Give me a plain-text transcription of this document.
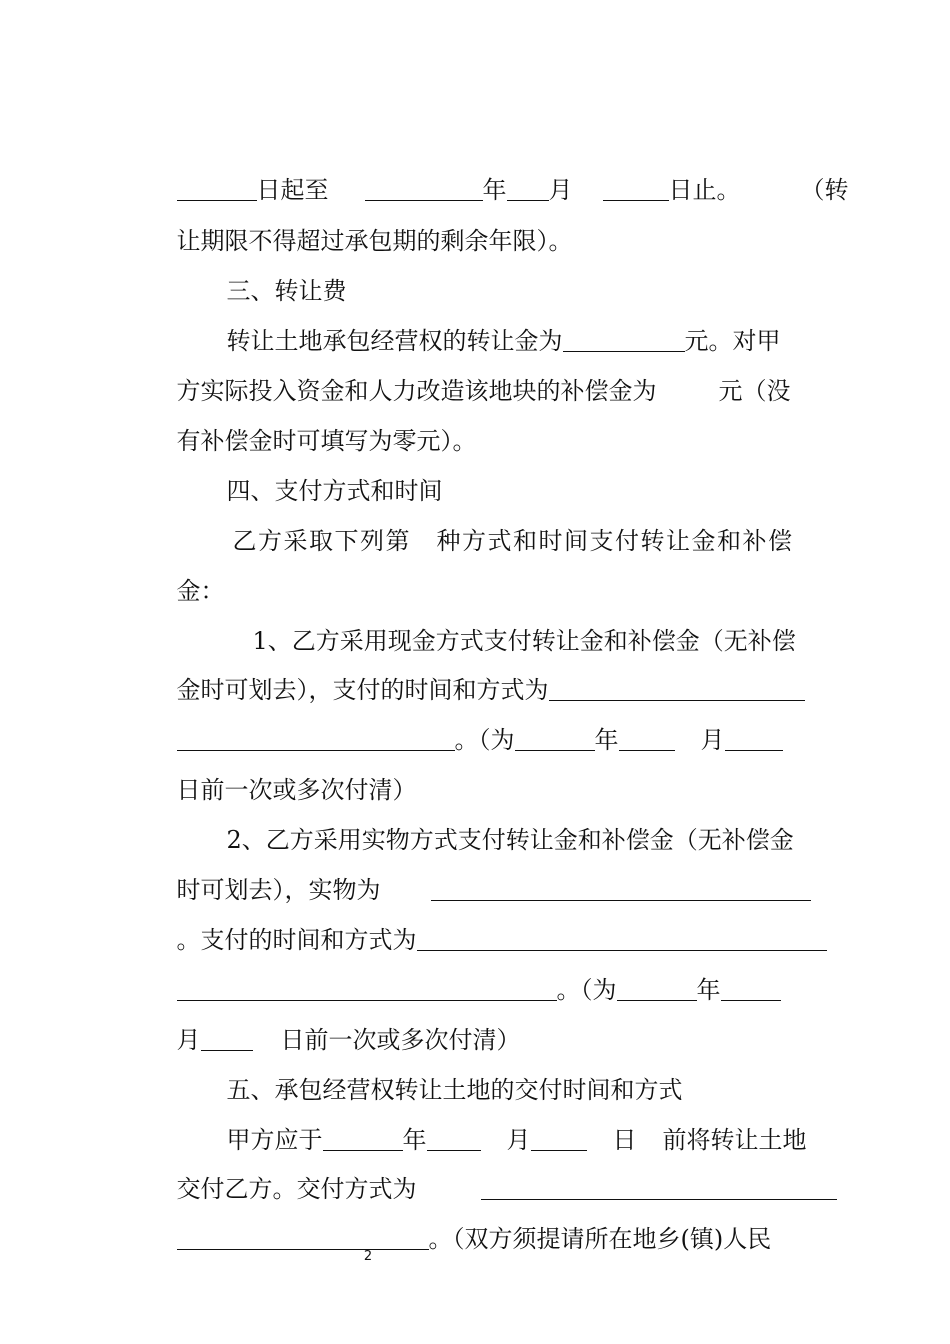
日起至	年 月	日止。	（转

让期限不得超过承包期的剩余年限）。

三、转让费

转让土地承包经营权的转让金为	元。对甲

方实际投入资金和人力改造该地块的补偿金为	元（没

有补偿金时可填写为零元）。

四、支付方式和时间

乙方采取下列第　种方式和时间支付转让金和补偿

金：

1、乙方采用现金方式支付转让金和补偿金（无补偿

金时可划去），支付的时间和方式为

。（为	年	月

日前一次或多次付清）

2、乙方采用实物方式支付转让金和补偿金（无补偿金

时可划去），实物为

。支付的时间和方式为

。（为	年

月	日前一次或多次付清）

五、承包经营权转让土地的交付时间和方式

甲方应于	年	月	日 前将转让土地

交付乙方。交付方式为

。（双方须提请所在地乡(镇)人民

2
